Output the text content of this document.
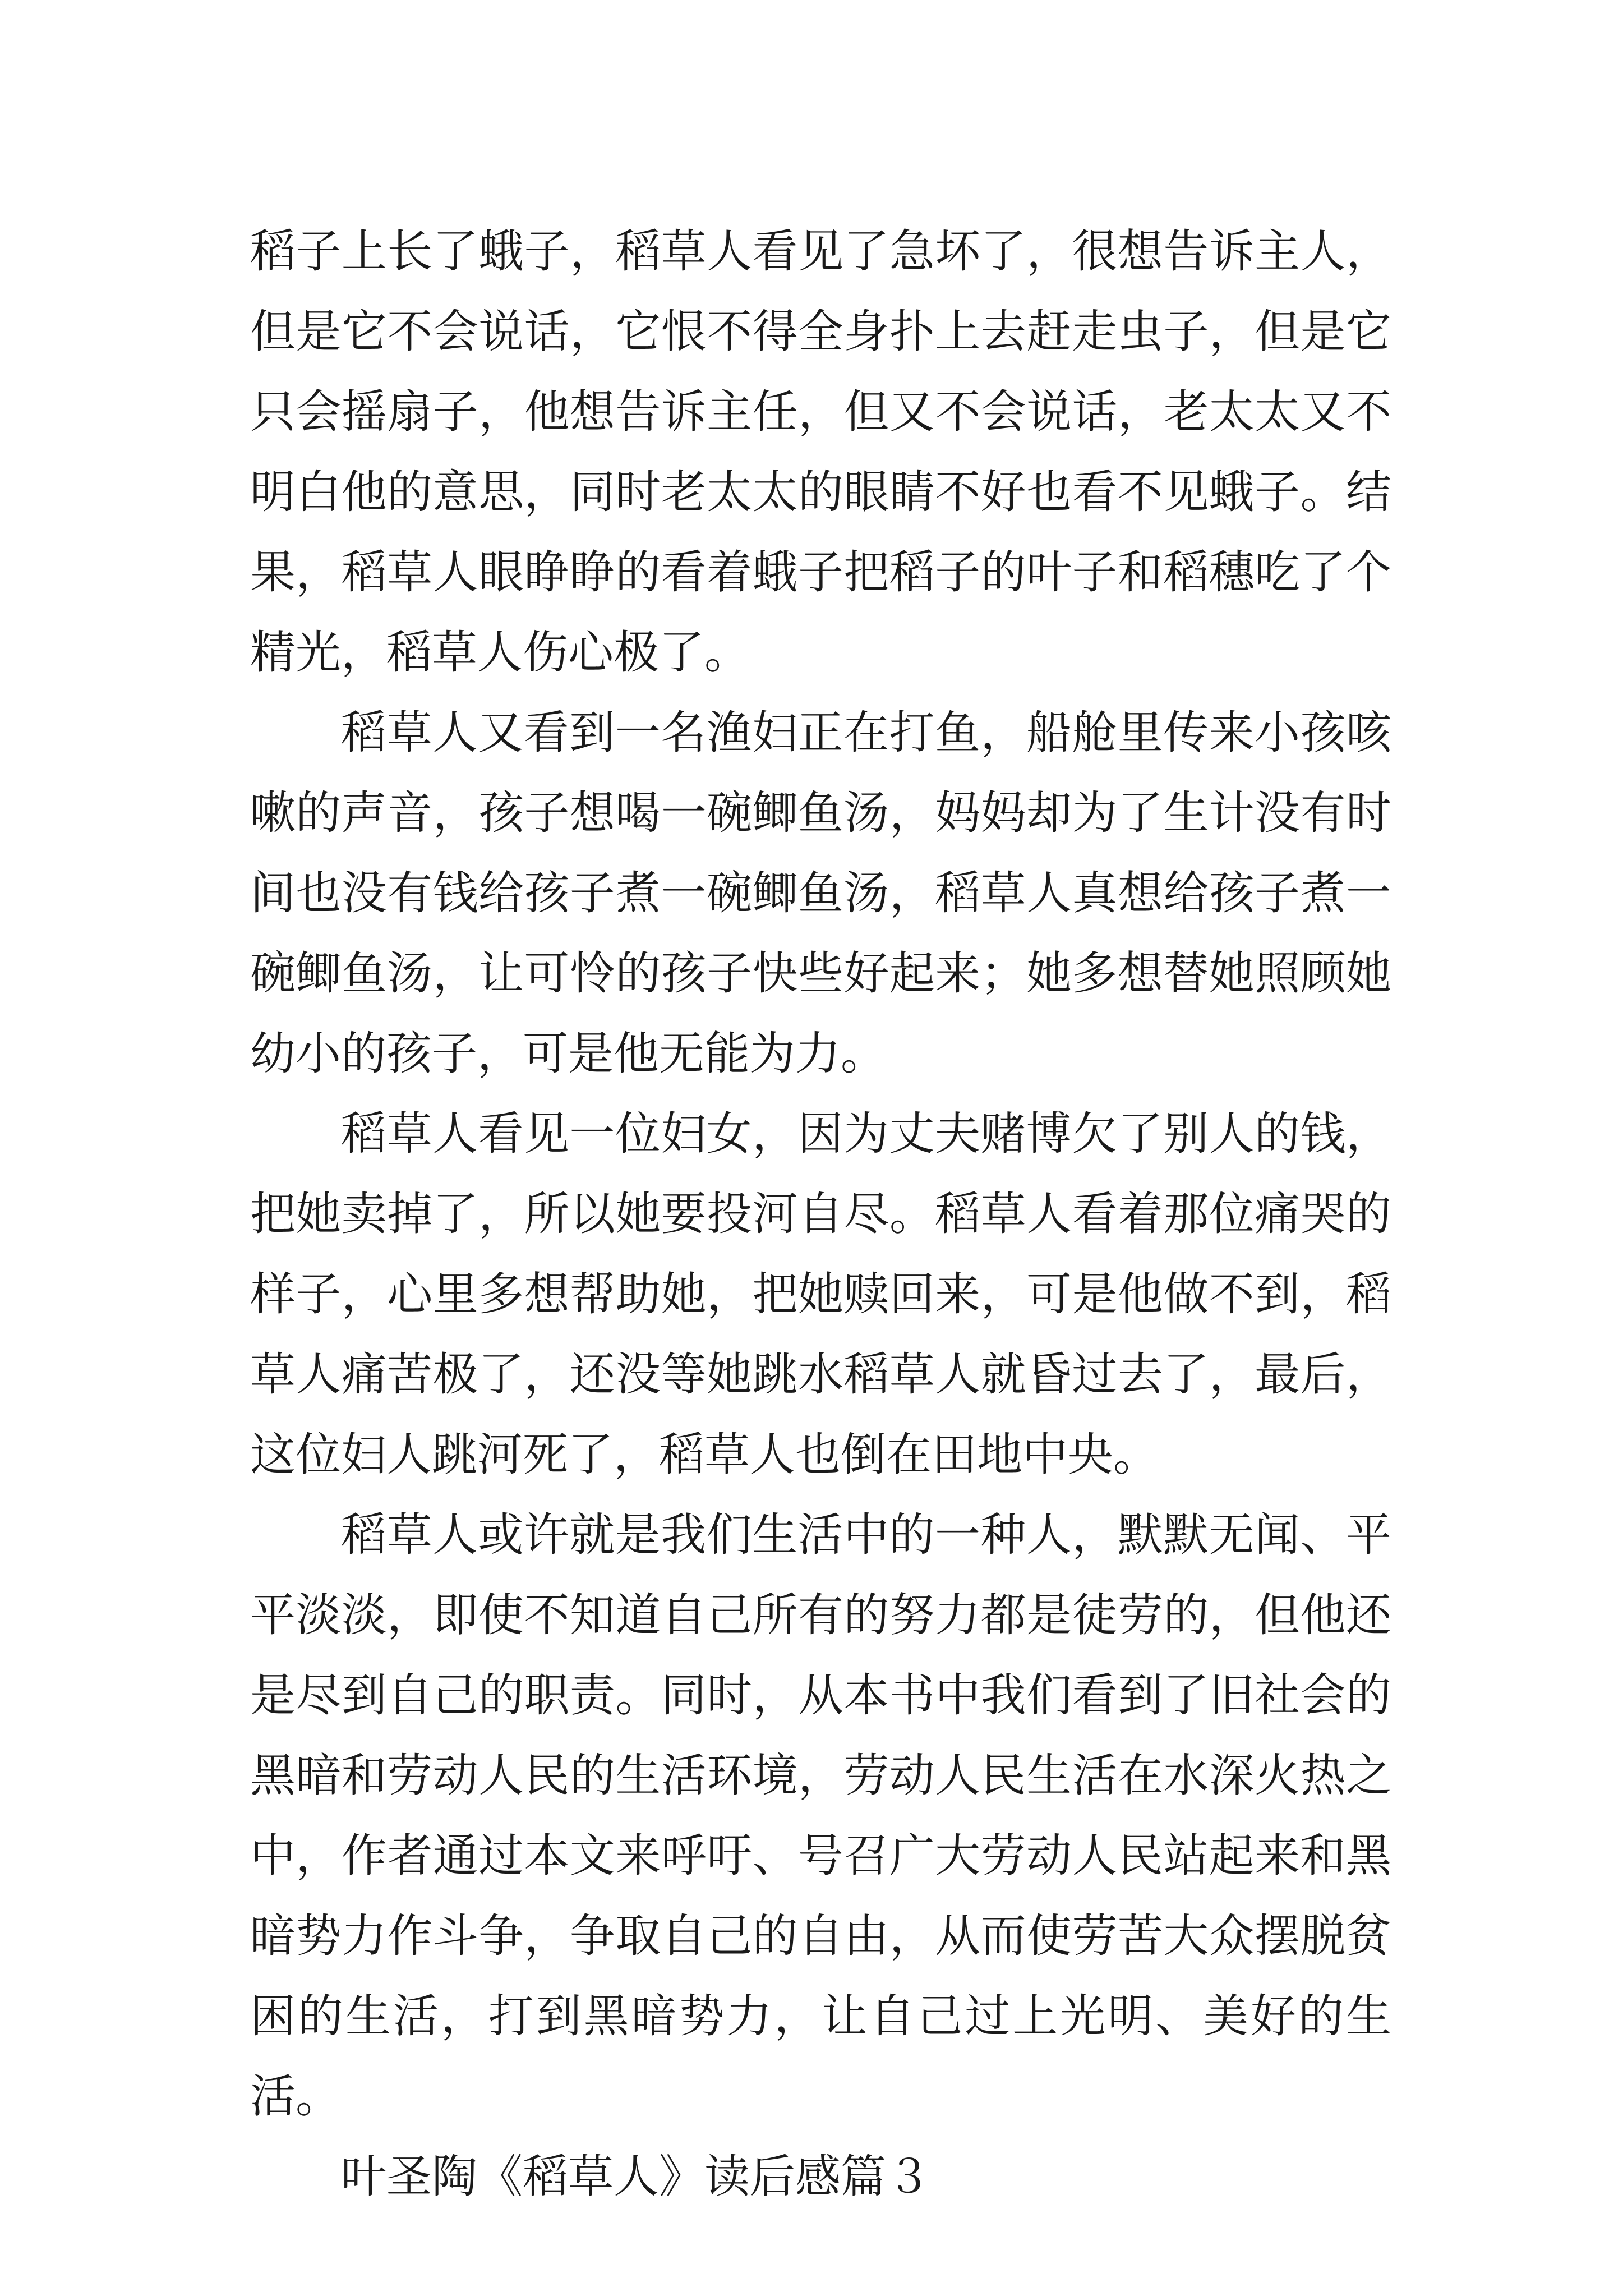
稻子上长了蛾子，稻草人看见了急坏了，很想告诉主人，但是它不会说话，它恨不得全身扑上去赶走虫子，但是它只会摇扇子，他想告诉主任，但又不会说话，老太太又不明白他的意思，同时老太太的眼睛不好也看不见蛾子。结果，稻草人眼睁睁的看着蛾子把稻子的叶子和稻穗吃了个精光，稻草人伤心极了。

稻草人又看到一名渔妇正在打鱼，船舱里传来小孩咳嗽的声音，孩子想喝一碗鲫鱼汤，妈妈却为了生计没有时间也没有钱给孩子煮一碗鲫鱼汤，稻草人真想给孩子煮一碗鲫鱼汤，让可怜的孩子快些好起来；她多想替她照顾她幼小的孩子，可是他无能为力。

稻草人看见一位妇女，因为丈夫赌博欠了别人的钱，把她卖掉了，所以她要投河自尽。稻草人看着那位痛哭的样子，心里多想帮助她，把她赎回来，可是他做不到，稻草人痛苦极了，还没等她跳水稻草人就昏过去了，最后，这位妇人跳河死了，稻草人也倒在田地中央。

稻草人或许就是我们生活中的一种人，默默无闻、平平淡淡，即使不知道自己所有的努力都是徒劳的，但他还是尽到自己的职责。同时，从本书中我们看到了旧社会的黑暗和劳动人民的生活环境，劳动人民生活在水深火热之中，作者通过本文来呼吁、号召广大劳动人民站起来和黑暗势力作斗争，争取自己的自由，从而使劳苦大众摆脱贫困的生活，打到黑暗势力，让自己过上光明、美好的生活。

叶圣陶《稻草人》读后感篇３
